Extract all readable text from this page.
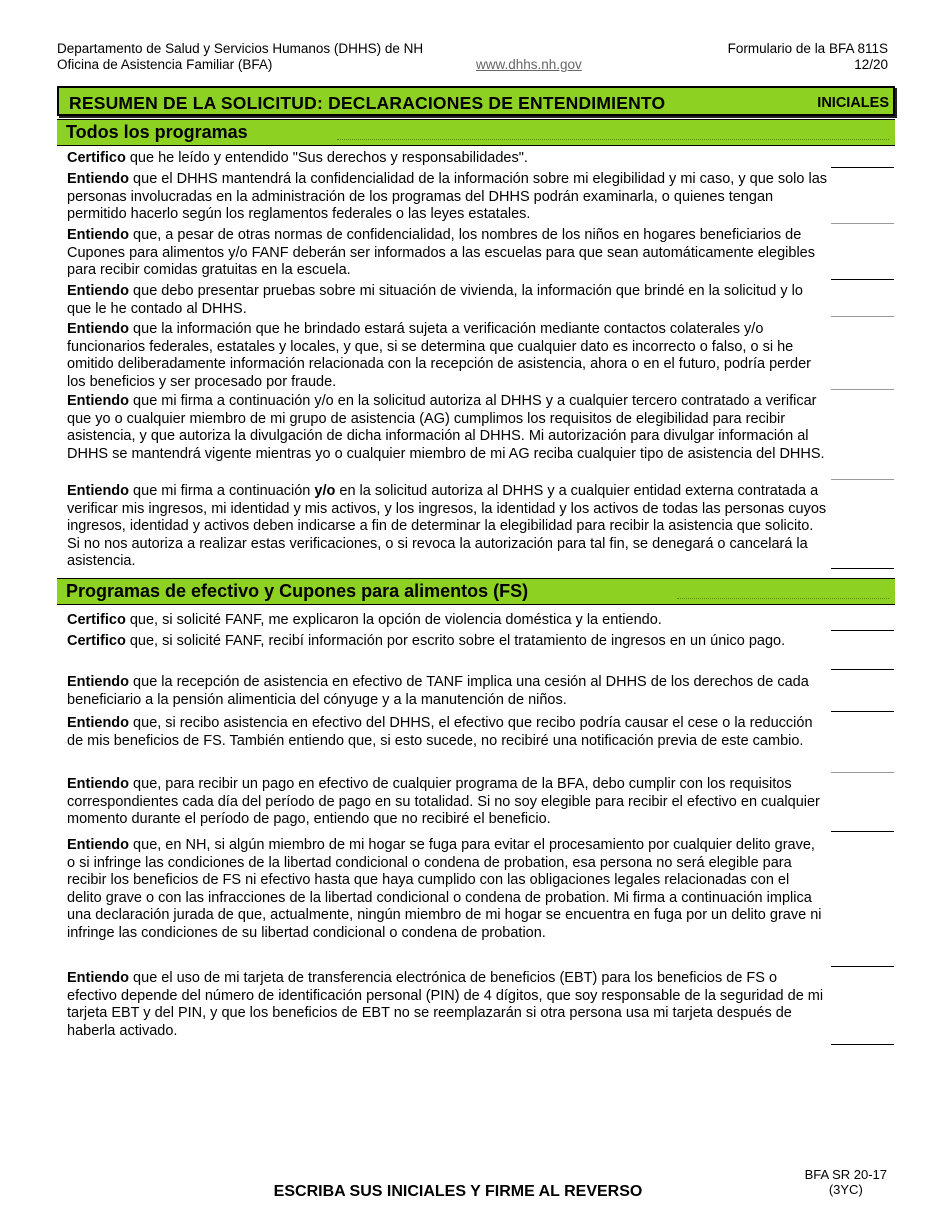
Departamento de Salud y Servicios Humanos (DHHS) de NH
Oficina de Asistencia Familiar (BFA)	www.dhhs.nh.gov
Formulario de la BFA 811S
12/20
RESUMEN DE LA SOLICITUD: DECLARACIONES DE ENTENDIMIENTO	INICIALES
Todos los programas
Certifico que he leído y entendido "Sus derechos y responsabilidades".
Entiendo que el DHHS mantendrá la confidencialidad de la información sobre mi elegibilidad y mi caso, y que solo las personas involucradas en la administración de los programas del DHHS podrán examinarla, o quienes tengan permitido hacerlo según los reglamentos federales o las leyes estatales.
Entiendo que, a pesar de otras normas de confidencialidad, los nombres de los niños en hogares beneficiarios de Cupones para alimentos y/o FANF deberán ser informados a las escuelas para que sean automáticamente elegibles para recibir comidas gratuitas en la escuela.
Entiendo que debo presentar pruebas sobre mi situación de vivienda, la información que brindé en la solicitud y lo que le he contado al DHHS.
Entiendo que la información que he brindado estará sujeta a verificación mediante contactos colaterales y/o funcionarios federales, estatales y locales, y que, si se determina que cualquier dato es incorrecto o falso, o si he omitido deliberadamente información relacionada con la recepción de asistencia, ahora o en el futuro, podría perder los beneficios y ser procesado por fraude.
Entiendo que mi firma a continuación y/o en la solicitud autoriza al DHHS y a cualquier tercero contratado a verificar que yo o cualquier miembro de mi grupo de asistencia (AG) cumplimos los requisitos de elegibilidad para recibir asistencia, y que autoriza la divulgación de dicha información al DHHS. Mi autorización para divulgar información al DHHS se mantendrá vigente mientras yo o cualquier miembro de mi AG reciba cualquier tipo de asistencia del DHHS.
Entiendo que mi firma a continuación y/o en la solicitud autoriza al DHHS y a cualquier entidad externa contratada a verificar mis ingresos, mi identidad y mis activos, y los ingresos, la identidad y los activos de todas las personas cuyos ingresos, identidad y activos deben indicarse a fin de determinar la elegibilidad para recibir la asistencia que solicito. Si no nos autoriza a realizar estas verificaciones, o si revoca la autorización para tal fin, se denegará o cancelará la asistencia.
Programas de efectivo y Cupones para alimentos (FS)
Certifico que, si solicité FANF, me explicaron la opción de violencia doméstica y la entiendo.
Certifico que, si solicité FANF, recibí información por escrito sobre el tratamiento de ingresos en un único pago.
Entiendo que la recepción de asistencia en efectivo de TANF implica una cesión al DHHS de los derechos de cada beneficiario a la pensión alimenticia del cónyuge y a la manutención de niños.
Entiendo que, si recibo asistencia en efectivo del DHHS, el efectivo que recibo podría causar el cese o la reducción de mis beneficios de FS. También entiendo que, si esto sucede, no recibiré una notificación previa de este cambio.
Entiendo que, para recibir un pago en efectivo de cualquier programa de la BFA, debo cumplir con los requisitos correspondientes cada día del período de pago en su totalidad. Si no soy elegible para recibir el efectivo en cualquier momento durante el período de pago, entiendo que no recibiré el beneficio.
Entiendo que, en NH, si algún miembro de mi hogar se fuga para evitar el procesamiento por cualquier delito grave, o si infringe las condiciones de la libertad condicional o condena de probation, esa persona no será elegible para recibir los beneficios de FS ni efectivo hasta que haya cumplido con las obligaciones legales relacionadas con el delito grave o con las infracciones de la libertad condicional o condena de probation. Mi firma a continuación implica una declaración jurada de que, actualmente, ningún miembro de mi hogar se encuentra en fuga por un delito grave ni infringe las condiciones de su libertad condicional o condena de probation.
Entiendo que el uso de mi tarjeta de transferencia electrónica de beneficios (EBT) para los beneficios de FS o efectivo depende del número de identificación personal (PIN) de 4 dígitos, que soy responsable de la seguridad de mi tarjeta EBT y del PIN, y que los beneficios de EBT no se reemplazarán si otra persona usa mi tarjeta después de haberla activado.
ESCRIBA SUS INICIALES Y FIRME AL REVERSO
BFA SR 20-17
(3YC)
